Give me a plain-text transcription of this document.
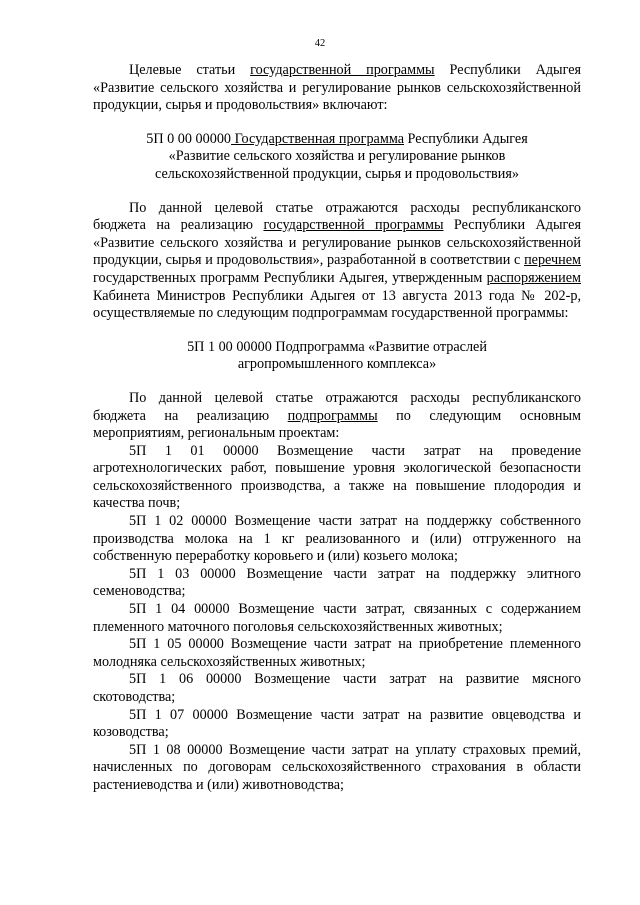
42

Целевые статьи государственной программы Республики Адыгея «Развитие сельского хозяйства и регулирование рынков сельскохозяйственной продукции, сырья и продовольствия» включают:

5П 0 00 00000 Государственная программа Республики Адыгея
«Развитие сельского хозяйства и регулирование рынков
сельскохозяйственной продукции, сырья и продовольствия»

По данной целевой статье отражаются расходы республиканского бюджета на реализацию государственной программы Республики Адыгея «Развитие сельского хозяйства и регулирование рынков сельскохозяйственной продукции, сырья и продовольствия», разработанной в соответствии с перечнем государственных программ Республики Адыгея, утвержденным распоряжением Кабинета Министров Республики Адыгея от 13 августа 2013 года № 202-р, осуществляемые по следующим подпрограммам государственной программы:

5П 1 00 00000 Подпрограмма «Развитие отраслей
агропромышленного комплекса»

По данной целевой статье отражаются расходы республиканского бюджета на реализацию подпрограммы по следующим основным мероприятиям, региональным проектам:

5П 1 01 00000 Возмещение части затрат на проведение агротехнологических работ, повышение уровня экологической безопасности сельскохозяйственного производства, а также на повышение плодородия и качества почв;

5П 1 02 00000 Возмещение части затрат на поддержку собственного производства молока на 1 кг реализованного и (или) отгруженного на собственную переработку коровьего и (или) козьего молока;

5П 1 03 00000 Возмещение части затрат на поддержку элитного семеноводства;

5П 1 04 00000 Возмещение части затрат, связанных с содержанием племенного маточного поголовья сельскохозяйственных животных;

5П 1 05 00000 Возмещение части затрат на приобретение племенного молодняка сельскохозяйственных животных;

5П 1 06 00000 Возмещение части затрат на развитие мясного скотоводства;

5П 1 07 00000 Возмещение части затрат на развитие овцеводства и козоводства;

5П 1 08 00000 Возмещение части затрат на уплату страховых премий, начисленных по договорам сельскохозяйственного страхования в области растениеводства и (или) животноводства;
